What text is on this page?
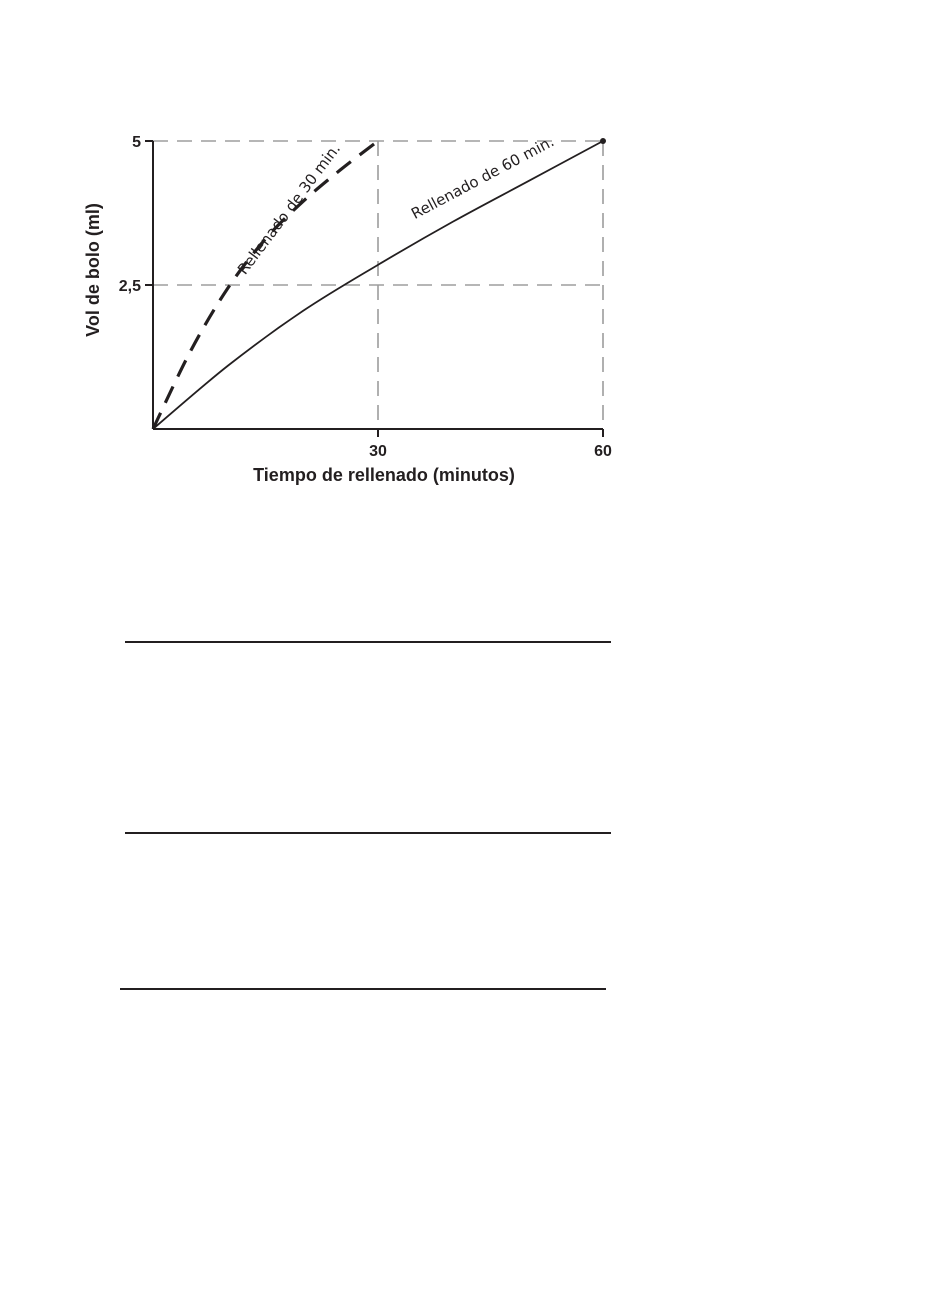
5
2,5
30	60
Tiempo de rellenado (minutos)
Vol de bolo (ml)	Rellenado de 30 min.	Rellenado de 60 min.
